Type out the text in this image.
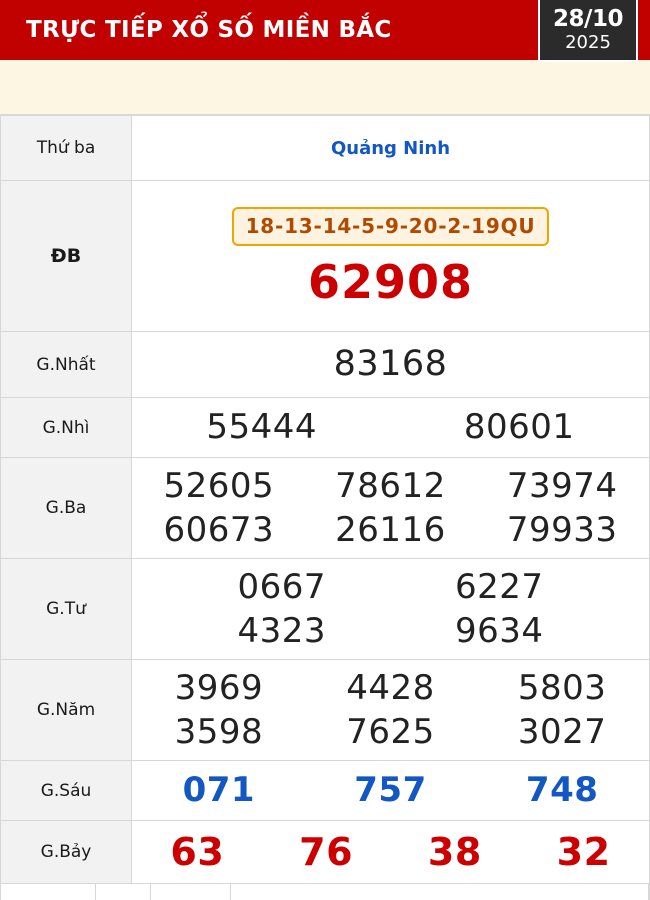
TRỰC TIẾP XỔ SỐ MIỀN BẮC	28/10
2025
Thứ ba	Quảng Ninh
ĐB	18-13-14-5-9-20-2-19QU
62908

G.Nhất	83168

G.Nhì	55444 80601

G.Ba	
52605	78612	73974
60673	26116	79933

G.Tư	0667 6227
4323 9634

G.Năm	
3969	4428	5803
3598	7625	3027

G.Sáu	071 757 748

G.Bảy	63 76 38 32
